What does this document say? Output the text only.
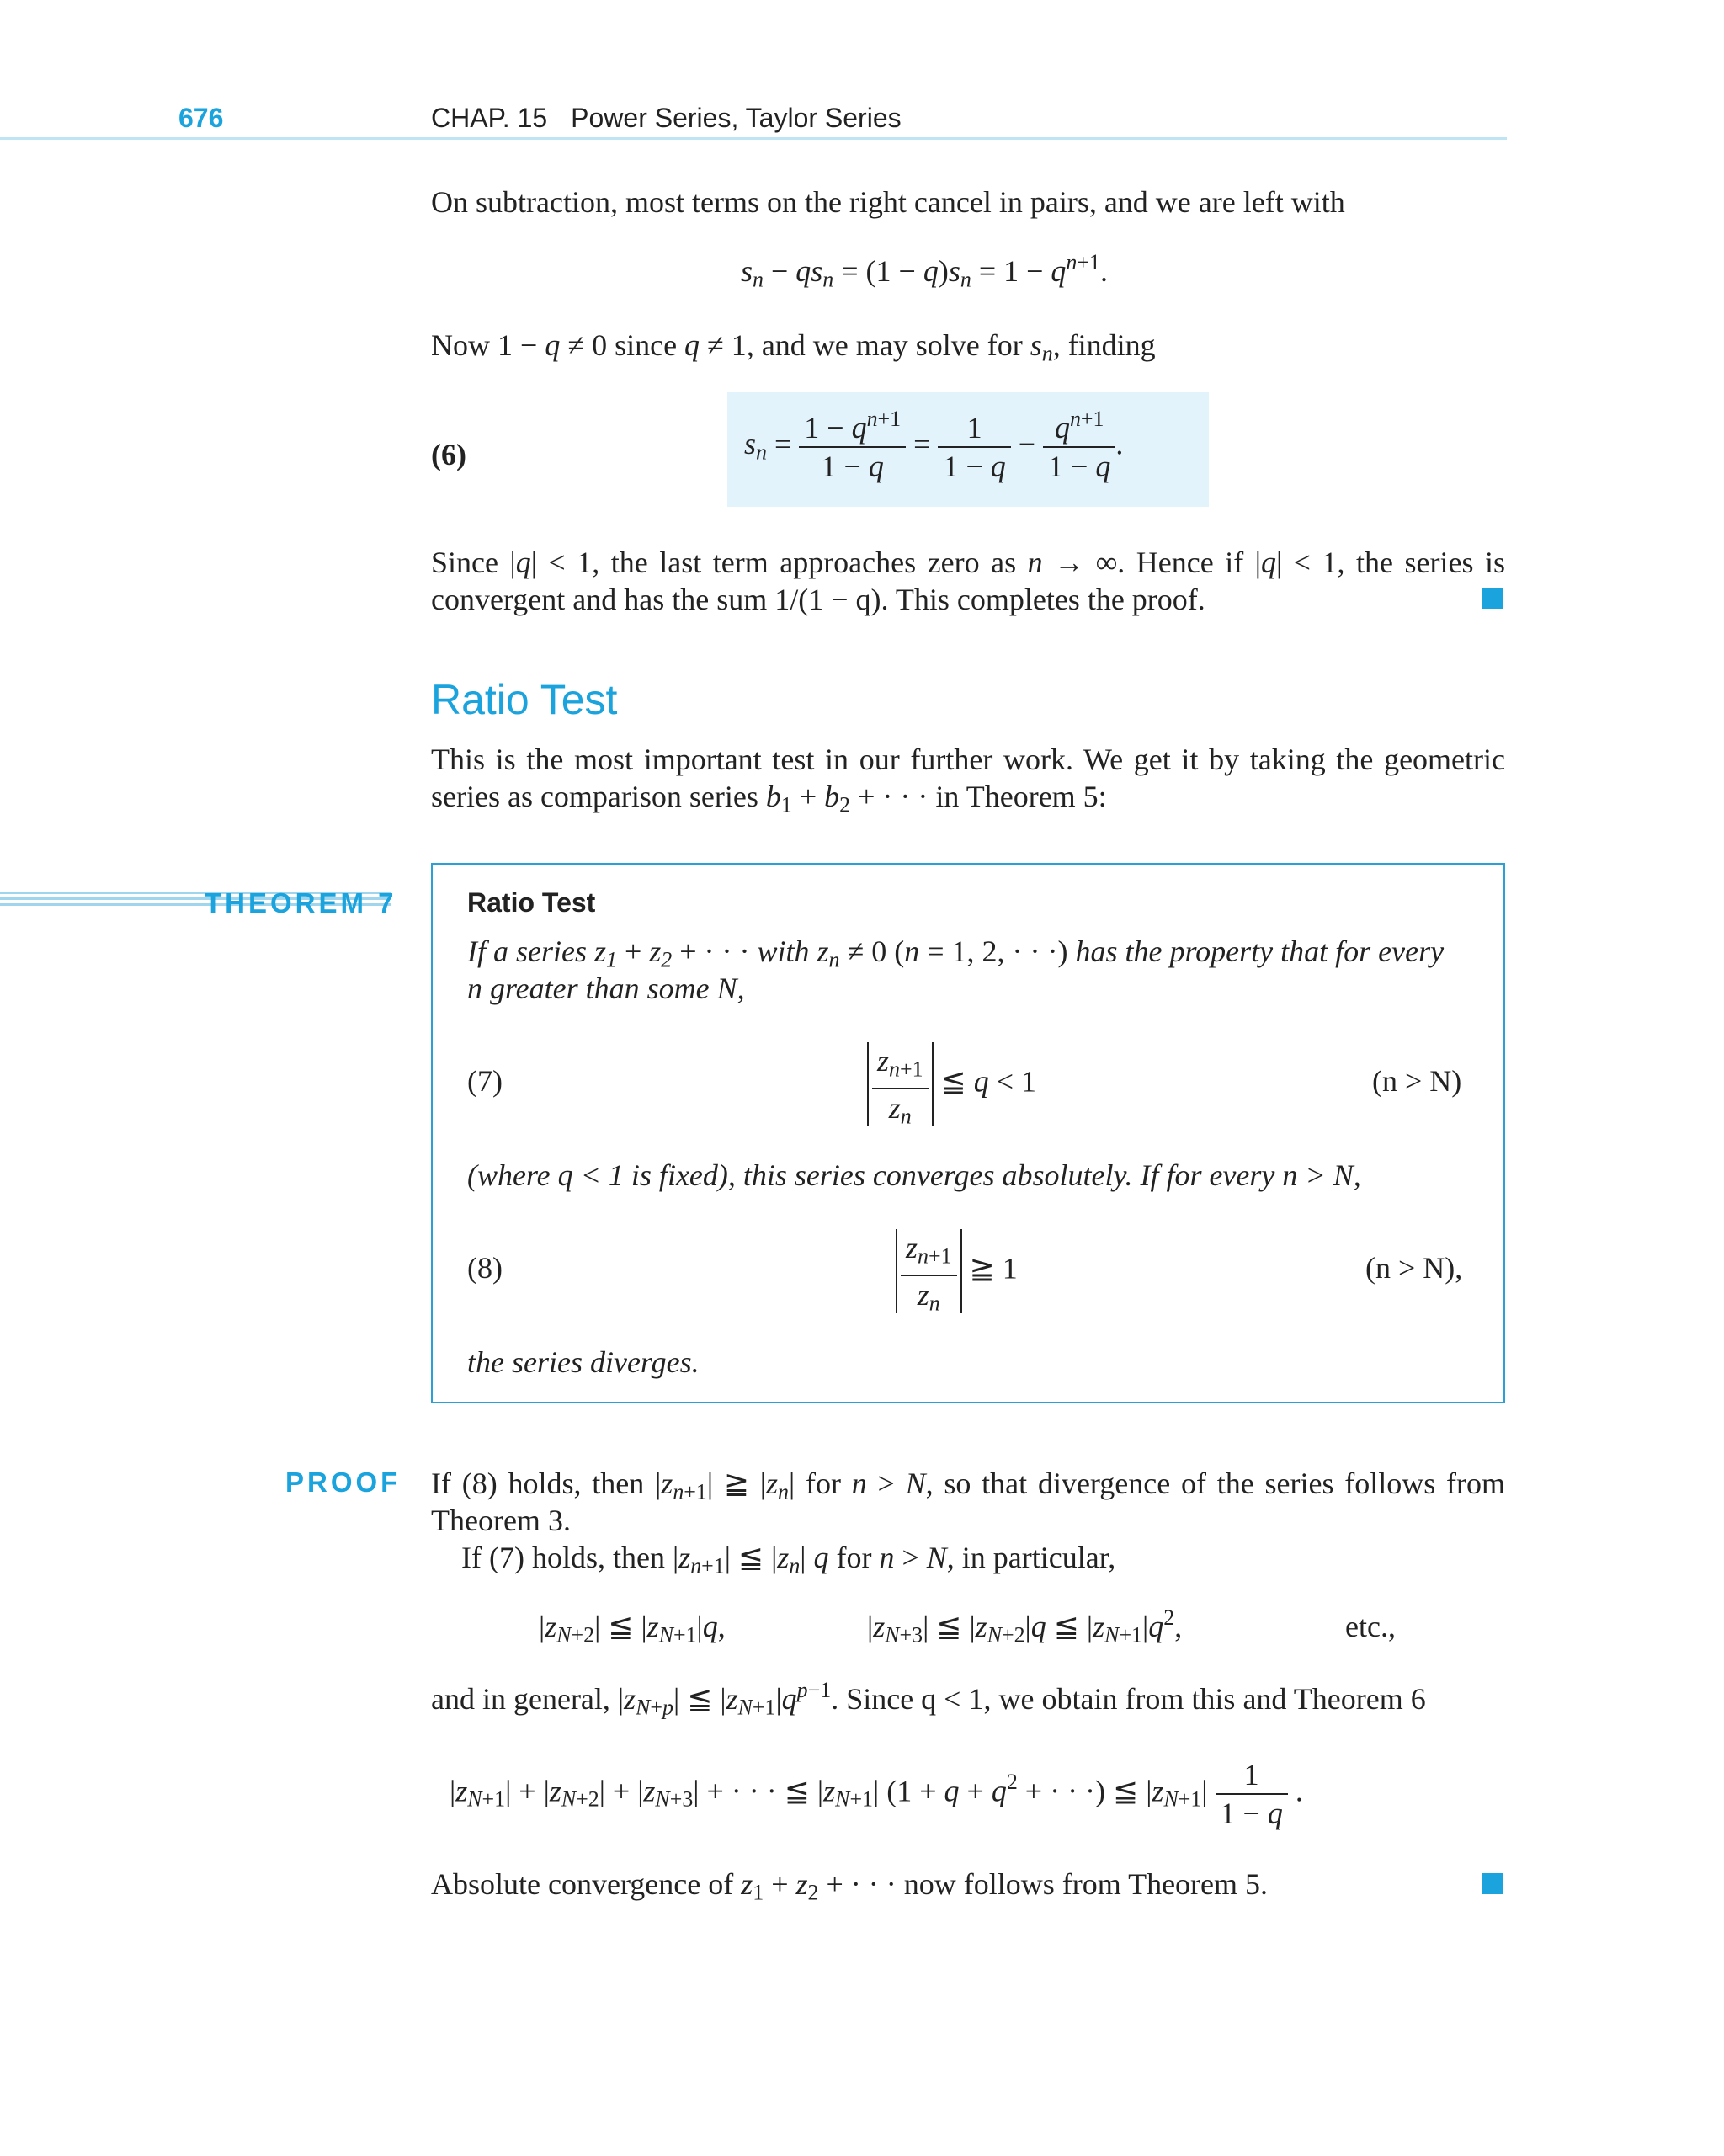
676	CHAP. 15 Power Series, Taylor Series
On subtraction, most terms on the right cancel in pairs, and we are left with
$s_n - qs_n = (1 - q)s_n = 1 - q^{n+1}$.
Now 1 − q ≠ 0 since q ≠ 1, and we may solve for $s_n$, finding
(6)	$s_n = \frac{1 - q^{n+1}}{1 - q} = \frac{1}{1 - q} - \frac{q^{n+1}}{1 - q}$ .
Since |q| < 1, the last term approaches zero as n → ∞. Hence if |q| < 1, the series is
convergent and has the sum 1/(1 − q). This completes the proof.
Ratio Test
This is the most important test in our further work. We get it by taking the geometric
series as comparison series $b_1 + b_2$ + · · · in Theorem 5:
THEOREM 7	Ratio Test
If a series $z_1 + z_2$ + · · · with $z_n \ne 0$ (n = 1, 2, · · ·) has the property that for every
n greater than some N,
(7)	$\frac{z_n+1}{z_n}$ ≦ q < 1	(n > N)
(where q < 1 is fixed), this series converges absolutely. If for every n > N,
(8)	$\frac{z_n+1}{z_n}$ ≧ 1	(n > N),
the series diverges.
PROOF If (8) holds, then $|z_{n+1}|$ ≧ $|z_n|$ for n > N, so that divergence of the series follows from
Theorem 3.
If (7) holds, then $|z_{n+1}|$ ≦ $|z_n|$ q for n > N, in particular,
$|z_{N+2}|$ ≦ $|z_{N+1}|q$,	$|z_{N+3}|$ ≦ $|z_{N+2}|q$ ≦ $|z_{N+1}|q^2$,	etc.,
and in general, $|z_{N+p}|$ ≦ $|z_{N+1}|q^{p-1}$. Since q < 1, we obtain from this and Theorem 6
$|z_{N+1}| + |z_{N+2}| + |z_{N+3}|$ + · · · ≦ $|z_{N+1}|$ ($1 + q + q^2$ + · · ·) ≦ $|z_{N+1}| \frac{1}{1 - q}$ .
Absolute convergence of $z_1 + z_2$ + · · · now follows from Theorem 5.
